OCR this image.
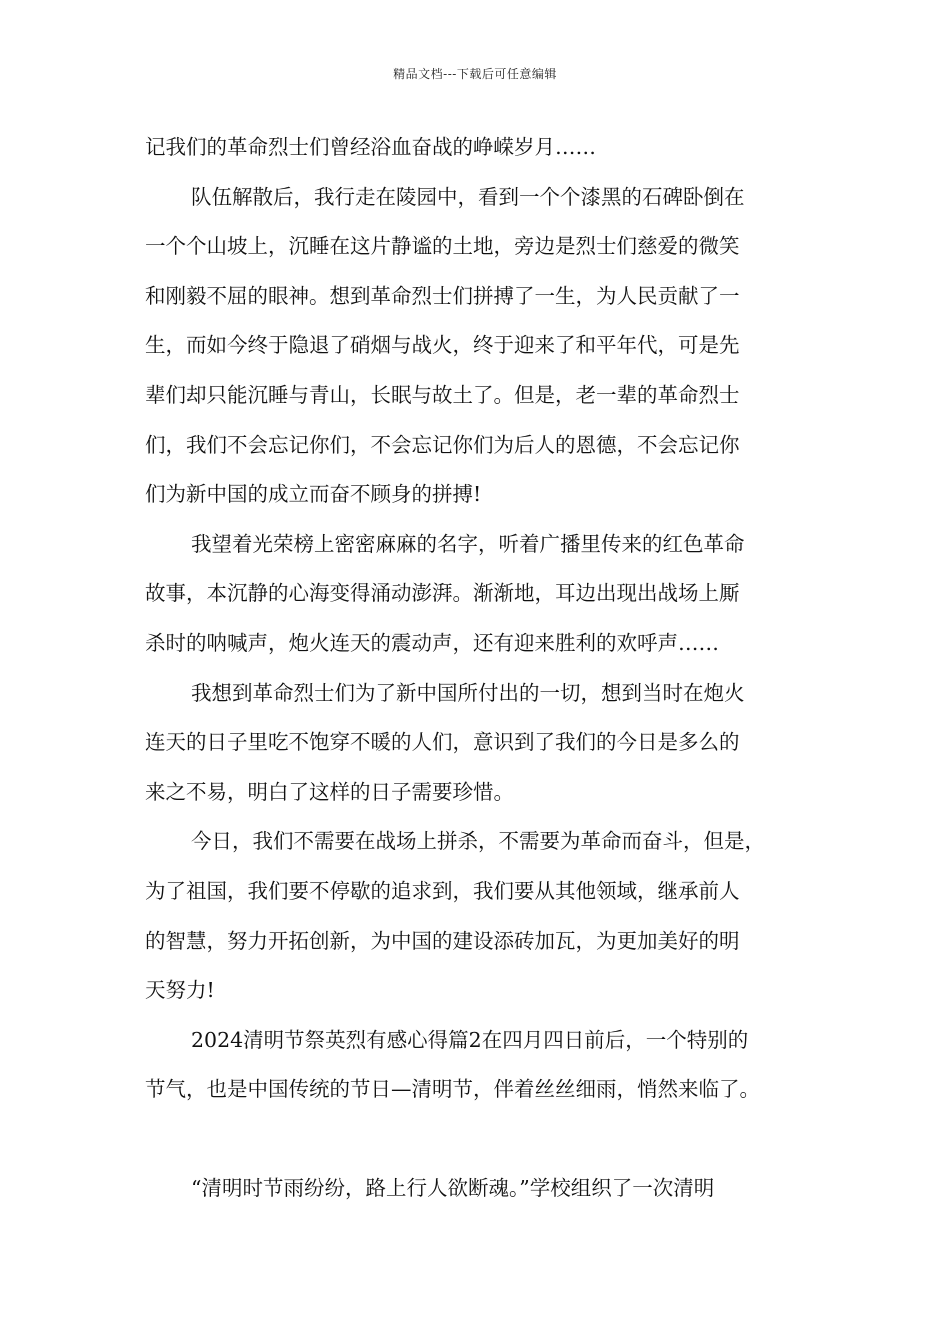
精品文档---下载后可任意编辑
记我们的革命烈士们曾经浴血奋战的峥嵘岁月……
队伍解散后，我行走在陵园中，看到一个个漆黑的石碑卧倒在
一个个山坡上，沉睡在这片静谧的土地，旁边是烈士们慈爱的微笑
和刚毅不屈的眼神。想到革命烈士们拼搏了一生，为人民贡献了一
生，而如今终于隐退了硝烟与战火，终于迎来了和平年代，可是先
辈们却只能沉睡与青山，长眠与故土了。但是，老一辈的革命烈士
们，我们不会忘记你们，不会忘记你们为后人的恩德，不会忘记你
们为新中国的成立而奋不顾身的拼搏!
我望着光荣榜上密密麻麻的名字，听着广播里传来的红色革命
故事，本沉静的心海变得涌动澎湃。渐渐地，耳边出现出战场上厮
杀时的呐喊声，炮火连天的震动声，还有迎来胜利的欢呼声……
我想到革命烈士们为了新中国所付出的一切，想到当时在炮火
连天的日子里吃不饱穿不暖的人们，意识到了我们的今日是多么的
来之不易，明白了这样的日子需要珍惜。
今日，我们不需要在战场上拼杀，不需要为革命而奋斗，但是，
为了祖国，我们要不停歇的追求到，我们要从其他领域，继承前人
的智慧，努力开拓创新，为中国的建设添砖加瓦，为更加美好的明
天努力!
2024清明节祭英烈有感心得篇2在四月四日前后，一个特别的
节气，也是中国传统的节日—清明节，伴着丝丝细雨，悄然来临了。
“清明时节雨纷纷，路上行人欲断魂。”学校组织了一次清明
